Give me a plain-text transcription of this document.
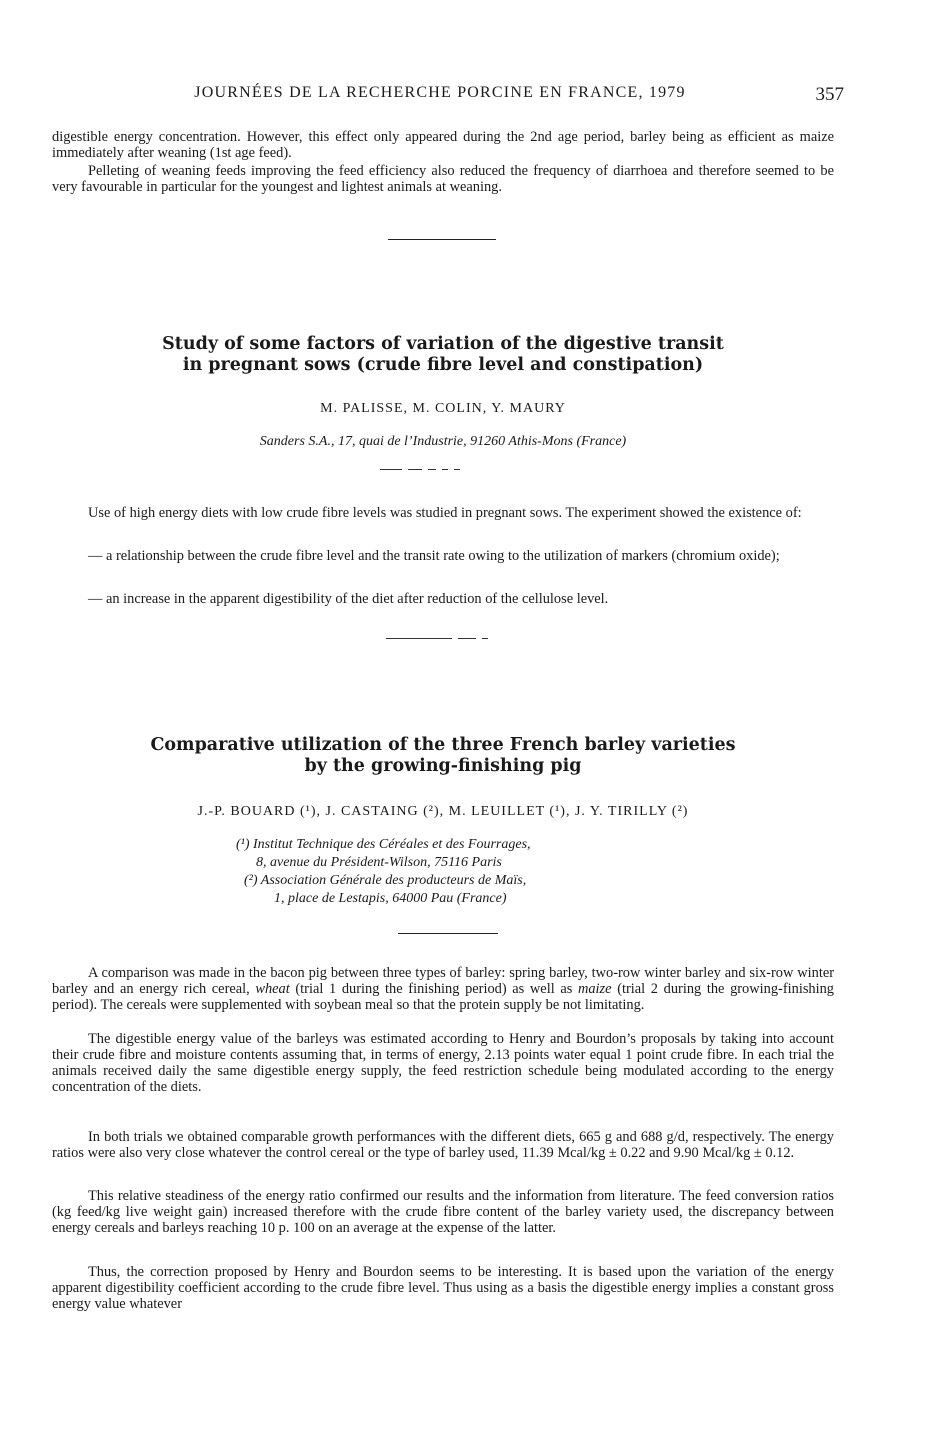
JOURNÉES DE LA RECHERCHE PORCINE EN FRANCE, 1979	357

digestible energy concentration. However, this effect only appeared during the 2nd age period, barley being as efficient as maize immediately after weaning (1st age feed).

Pelleting of weaning feeds improving the feed efficiency also reduced the frequency of diarrhoea and therefore seemed to be very favourable in particular for the youngest and lightest animals at weaning.

Study of some factors of variation of the digestive transit
in pregnant sows (crude fibre level and constipation)
M. PALISSE, M. COLIN, Y. MAURY
Sanders S.A., 17, quai de l’Industrie, 91260 Athis-Mons (France)

Use of high energy diets with low crude fibre levels was studied in pregnant sows. The experiment showed the existence of:

— a relationship between the crude fibre level and the transit rate owing to the utilization of markers (chromium oxide);

— an increase in the apparent digestibility of the diet after reduction of the cellulose level.

Comparative utilization of the three French barley varieties
by the growing-finishing pig
J.-P. BOUARD (¹), J. CASTAING (²), M. LEUILLET (¹), J. Y. TIRILLY (²)
(¹) Institut Technique des Céréales et des Fourrages,
8, avenue du Président-Wilson, 75116 Paris
(²) Association Générale des producteurs de Maïs,
1, place de Lestapis, 64000 Pau (France)

A comparison was made in the bacon pig between three types of barley: spring barley, two-row winter barley and six-row winter barley and an energy rich cereal, wheat (trial 1 during the finishing period) as well as maize (trial 2 during the growing-finishing period). The cereals were supplemented with soybean meal so that the protein supply be not limitating.

The digestible energy value of the barleys was estimated according to Henry and Bourdon’s proposals by taking into account their crude fibre and moisture contents assuming that, in terms of energy, 2.13 points water equal 1 point crude fibre. In each trial the animals received daily the same digestible energy supply, the feed restriction schedule being modulated according to the energy concentration of the diets.

In both trials we obtained comparable growth performances with the different diets, 665 g and 688 g/d, respectively. The energy ratios were also very close whatever the control cereal or the type of barley used, 11.39 Mcal/kg ± 0.22 and 9.90 Mcal/kg ± 0.12.

This relative steadiness of the energy ratio confirmed our results and the information from literature. The feed conversion ratios (kg feed/kg live weight gain) increased therefore with the crude fibre content of the barley variety used, the discrepancy between energy cereals and barleys reaching 10 p. 100 on an average at the expense of the latter.

Thus, the correction proposed by Henry and Bourdon seems to be interesting. It is based upon the variation of the energy apparent digestibility coefficient according to the crude fibre level. Thus using as a basis the digestible energy implies a constant gross energy value whatever
